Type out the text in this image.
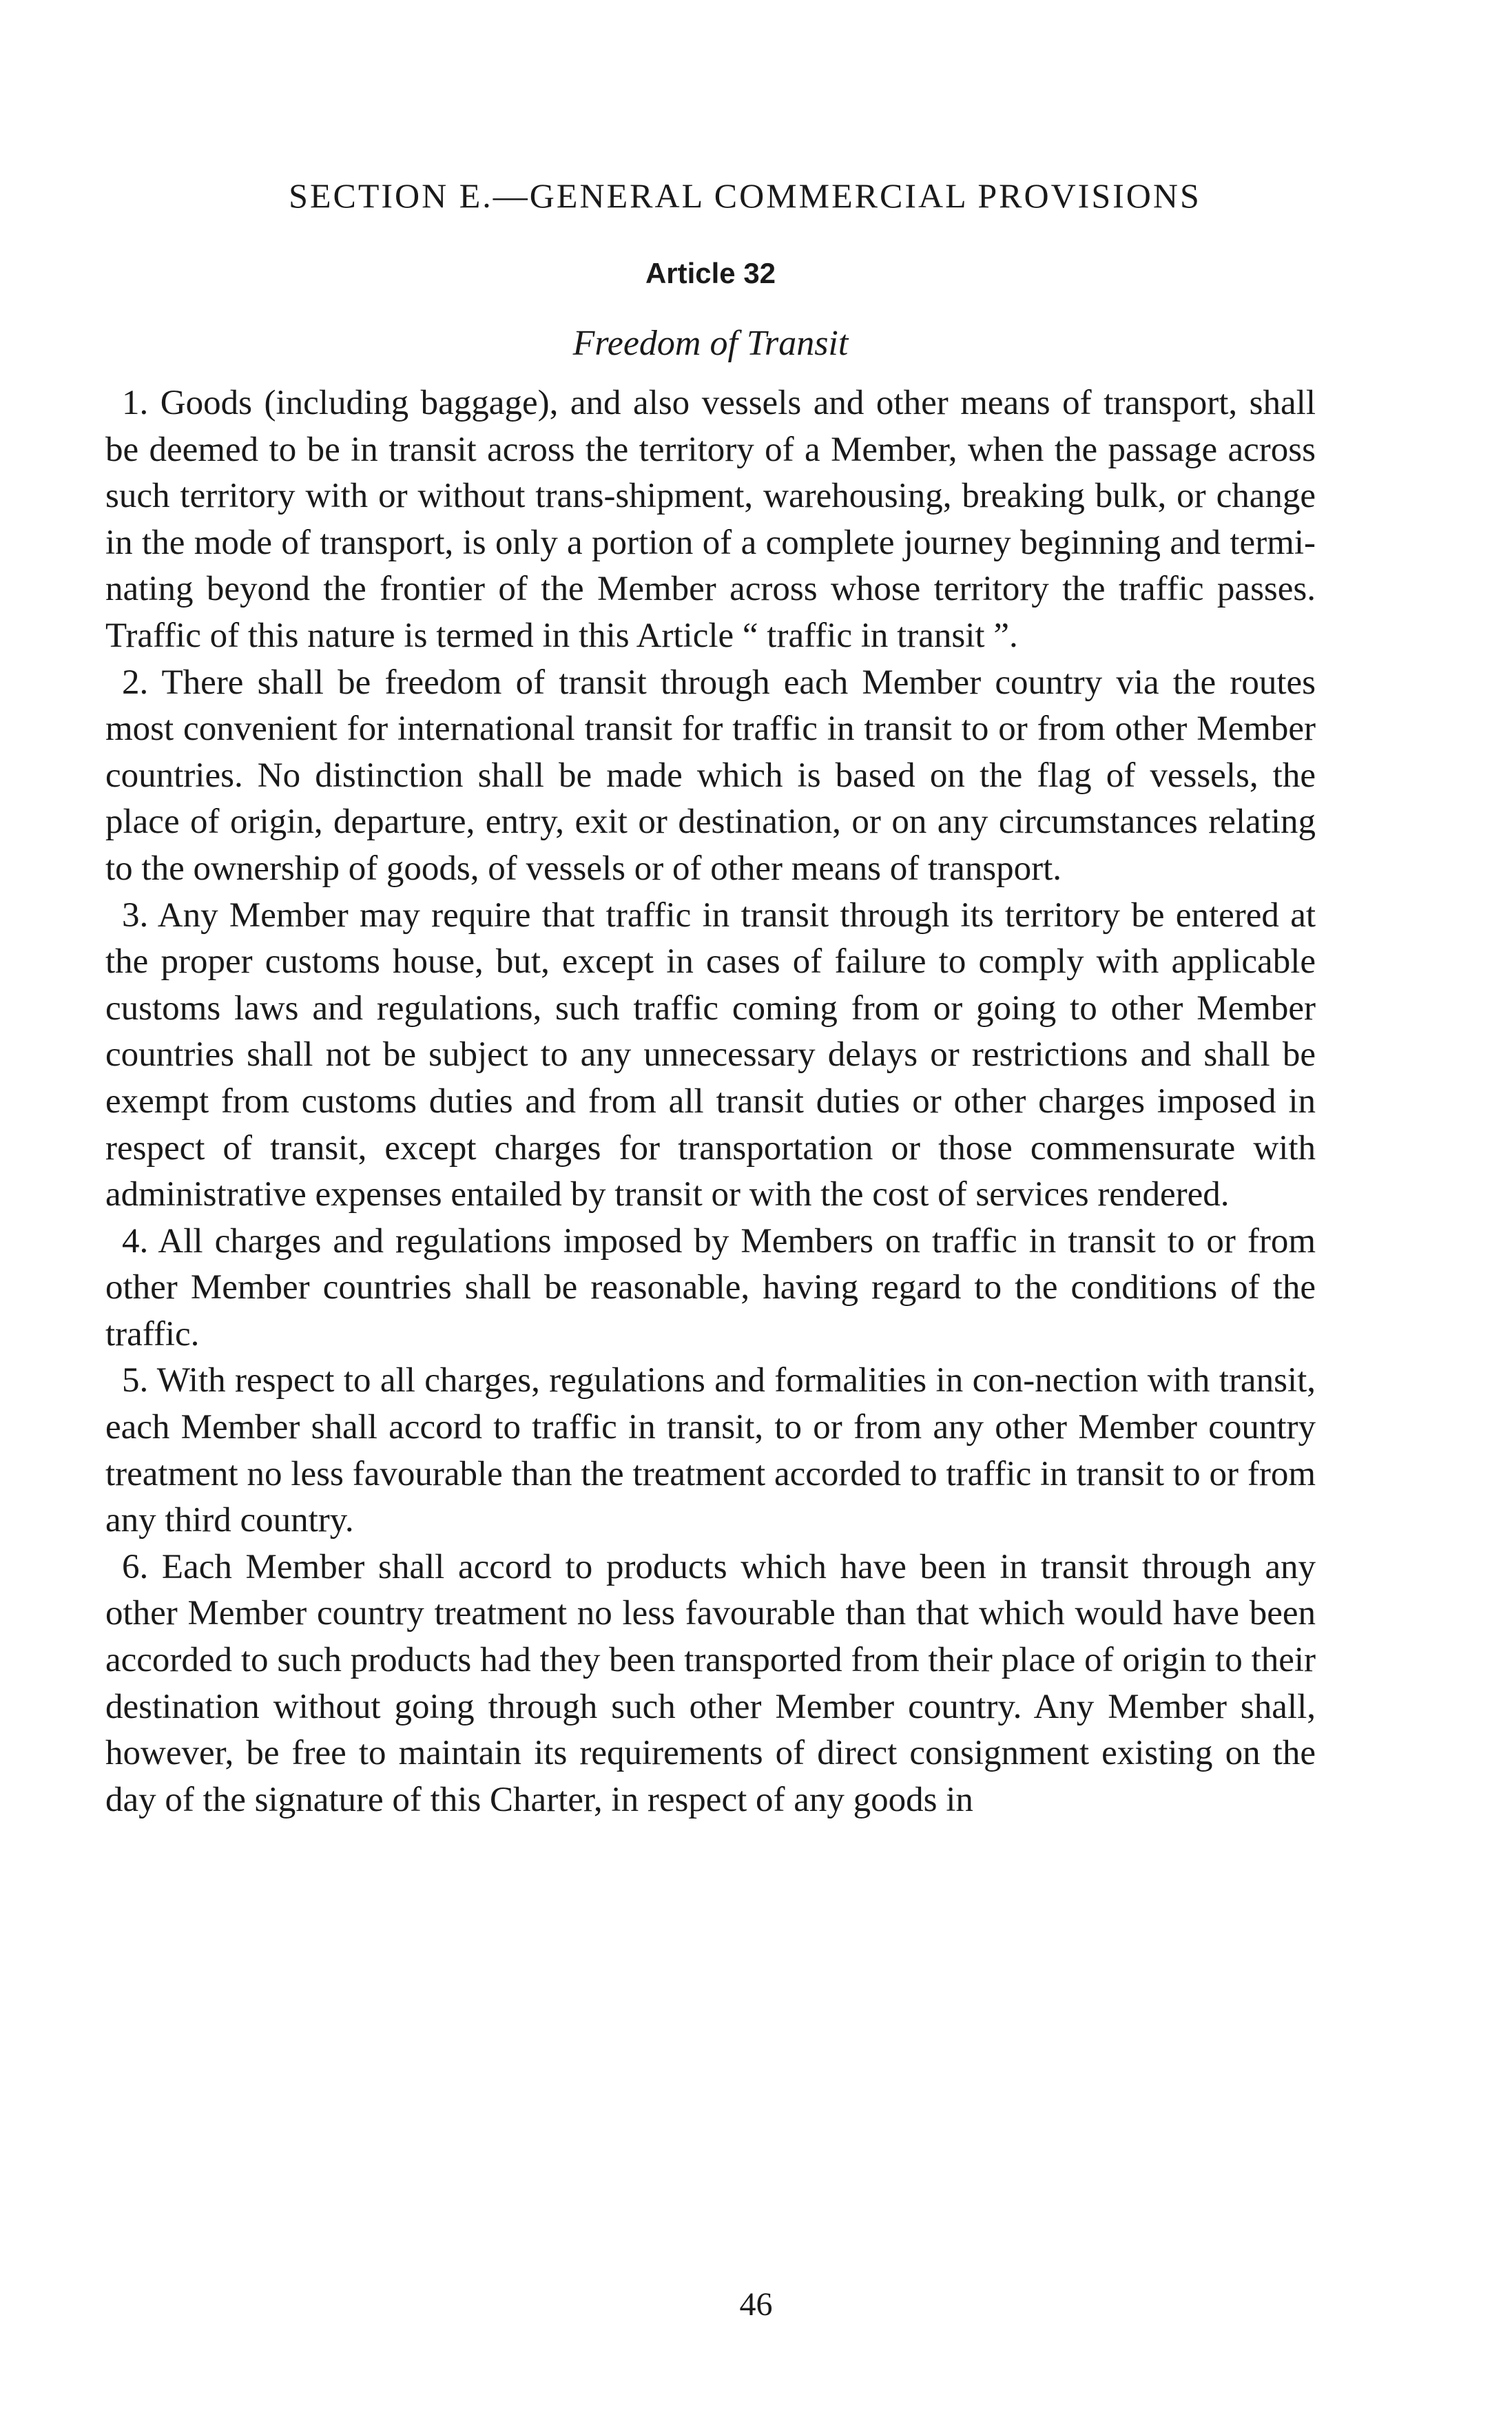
SECTION E.—GENERAL COMMERCIAL PROVISIONS
Article 32
Freedom of Transit

1. Goods (including baggage), and also vessels and other means of transport, shall be deemed to be in transit across the territory of a Member, when the passage across such territory with or without trans-shipment, warehousing, breaking bulk, or change in the mode of transport, is only a portion of a complete journey beginning and termi-nating beyond the frontier of the Member across whose territory the traffic passes. Traffic of this nature is termed in this Article “ traffic in transit ”.

2. There shall be freedom of transit through each Member country via the routes most convenient for international transit for traffic in transit to or from other Member countries. No distinction shall be made which is based on the flag of vessels, the place of origin, departure, entry, exit or destination, or on any circumstances relating to the ownership of goods, of vessels or of other means of transport.

3. Any Member may require that traffic in transit through its territory be entered at the proper customs house, but, except in cases of failure to comply with applicable customs laws and regulations, such traffic coming from or going to other Member countries shall not be subject to any unnecessary delays or restrictions and shall be exempt from customs duties and from all transit duties or other charges imposed in respect of transit, except charges for transportation or those commensurate with administrative expenses entailed by transit or with the cost of services rendered.

4. All charges and regulations imposed by Members on traffic in transit to or from other Member countries shall be reasonable, having regard to the conditions of the traffic.

5. With respect to all charges, regulations and formalities in con-nection with transit, each Member shall accord to traffic in transit, to or from any other Member country treatment no less favourable than the treatment accorded to traffic in transit to or from any third country.

6. Each Member shall accord to products which have been in transit through any other Member country treatment no less favourable than that which would have been accorded to such products had they been transported from their place of origin to their destination without going through such other Member country. Any Member shall, however, be free to maintain its requirements of direct consignment existing on the day of the signature of this Charter, in respect of any goods in

46
